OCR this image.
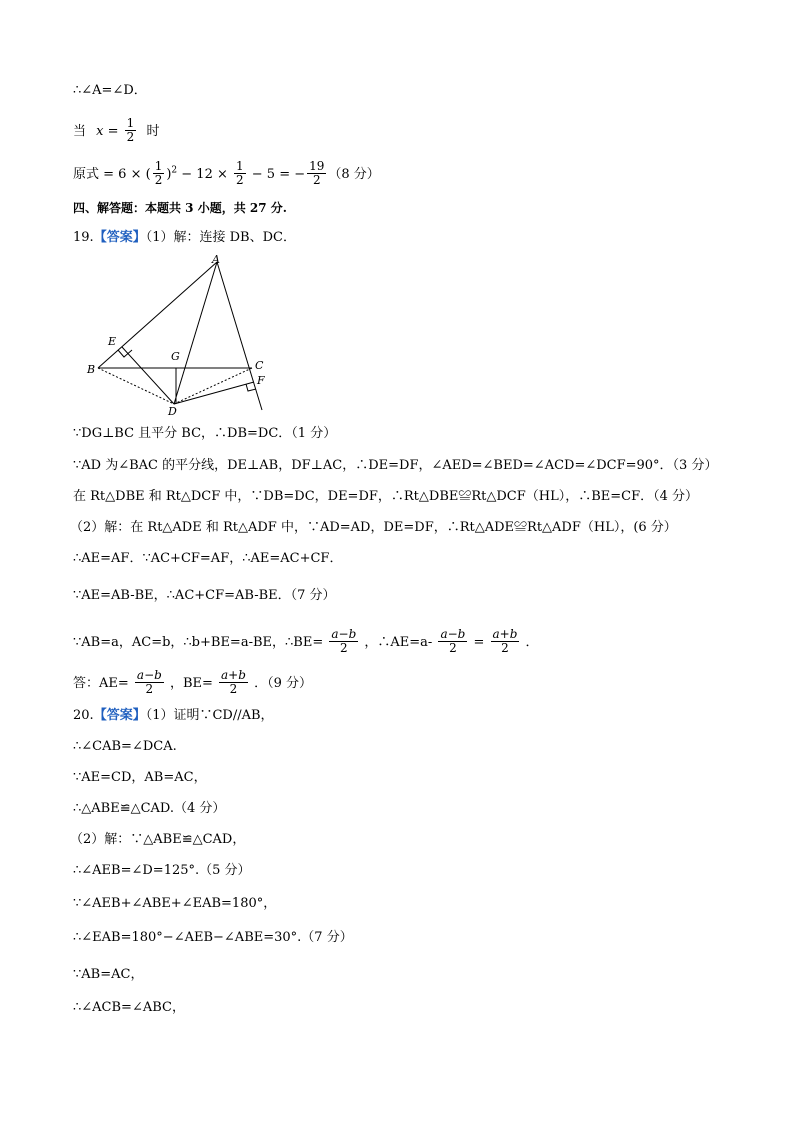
∴∠A=∠D．
当 $x = \frac{1}{2}$ 时
原式 = 6 × ( $\frac{1}{2} )^2 - 12 \times \frac{1}{2} - 5$ = − $\frac{19}{2} (8$ 分）
四、解答题：本题共 3 小题，共 27 分.
19.【答案】（1）解：连接 DB、DC．
A
B	C
D
E
F
G
∵DG⊥BC 且平分 BC，∴DB=DC．（1 分）
∵AD 为∠BAC 的平分线，DE⊥AB，DF⊥AC，∴DE=DF，∠AED=∠BED=∠ACD=∠DCF=90°．（3 分）
在 Rt△DBE 和 Rt△DCF 中，∵DB=DC，DE=DF，∴Rt△DBE≌Rt△DCF（HL），∴BE=CF．（4 分）
（2）解：在 Rt△ADE 和 Rt△ADF 中，∵AD=AD，DE=DF，∴Rt△ADE≌Rt△ADF（HL），(6 分）
∴AE=AF．∵AC+CF=AF，∴AE=AC+CF．
∵AE=AB-BE，∴AC+CF=AB-BE．（7 分）
∵AB=a，AC=b，∴b+BE=a-BE，∴BE= $\frac{a-b}{2}$ ，∴AE=a- $\frac{a-b}{2} = \frac{a+b}{2}$ ．
答：$AE= \frac{a-b}{2}$ ，$BE= \frac{a+b}{2}$ ．（9 分）
20.【答案】（1）证明∵CD//AB，
∴∠CAB=∠DCA.
∵AE=CD，AB=AC，
∴△ABE≌△CAD.（4 分）
（2）解：∵△ABE≌△CAD，
∴∠AEB=∠D=125°.（5 分）
∵∠AEB+∠ABE+∠EAB=180°，
∴∠EAB=180°−∠AEB−∠ABE=30°.（7 分）
∵AB=AC，
∴∠ACB=∠ABC，
